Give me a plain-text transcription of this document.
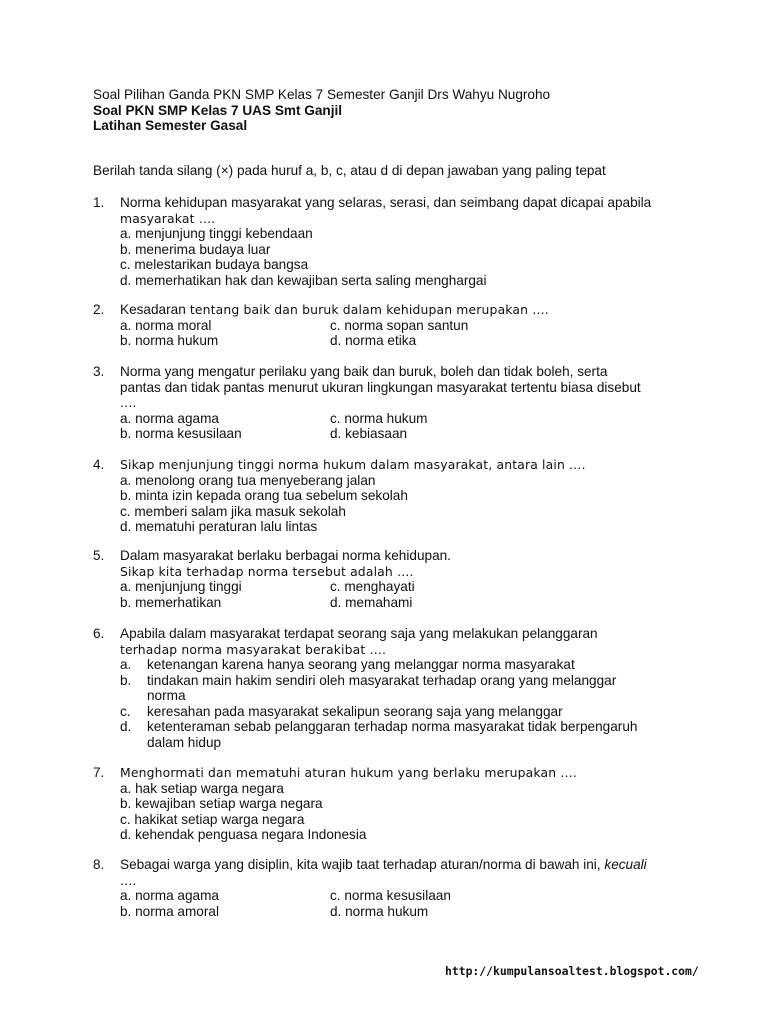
Soal Pilihan Ganda PKN SMP Kelas 7 Semester Ganjil Drs Wahyu Nugroho
Soal PKN SMP Kelas 7 UAS Smt Ganjil
Latihan Semester Gasal
Berilah tanda silang (×) pada huruf a, b, c, atau d di depan jawaban yang paling tepat
1. Norma kehidupan masyarakat yang selaras, serasi, dan seimbang dapat dicapai apabila
masyarakat ….
a. menjunjung tinggi kebendaan
b. menerima budaya luar
c. melestarikan budaya bangsa
d. memerhatikan hak dan kewajiban serta saling menghargai
2. Kesadaran tentang baik dan buruk dalam kehidupan merupakan ….
a. norma moral	c. norma sopan santun
b. norma hukum	d. norma etika
3. Norma yang mengatur perilaku yang baik dan buruk, boleh dan tidak boleh, serta
pantas dan tidak pantas menurut ukuran lingkungan masyarakat tertentu biasa disebut
….
a. norma agama	c. norma hukum
b. norma kesusilaan	d. kebiasaan
4. Sikap menjunjung tinggi norma hukum dalam masyarakat, antara lain ….
a. menolong orang tua menyeberang jalan
b. minta izin kepada orang tua sebelum sekolah
c. memberi salam jika masuk sekolah
d. mematuhi peraturan lalu lintas
5. Dalam masyarakat berlaku berbagai norma kehidupan.
Sikap kita terhadap norma tersebut adalah ….
a. menjunjung tinggi	c. menghayati
b. memerhatikan	d. memahami
6. Apabila dalam masyarakat terdapat seorang saja yang melakukan pelanggaran
terhadap norma masyarakat berakibat ….
a. ketenangan karena hanya seorang yang melanggar norma masyarakat
b. tindakan main hakim sendiri oleh masyarakat terhadap orang yang melanggar
norma
c. keresahan pada masyarakat sekalipun seorang saja yang melanggar
d. ketenteraman sebab pelanggaran terhadap norma masyarakat tidak berpengaruh
dalam hidup
7. Menghormati dan mematuhi aturan hukum yang berlaku merupakan ….
a. hak setiap warga negara
b. kewajiban setiap warga negara
c. hakikat setiap warga negara
d. kehendak penguasa negara Indonesia
8. Sebagai warga yang disiplin, kita wajib taat terhadap aturan/norma di bawah ini, kecuali
….
a. norma agama	c. norma kesusilaan
b. norma amoral	d. norma hukum
http://kumpulansoaltest.blogspot.com/
